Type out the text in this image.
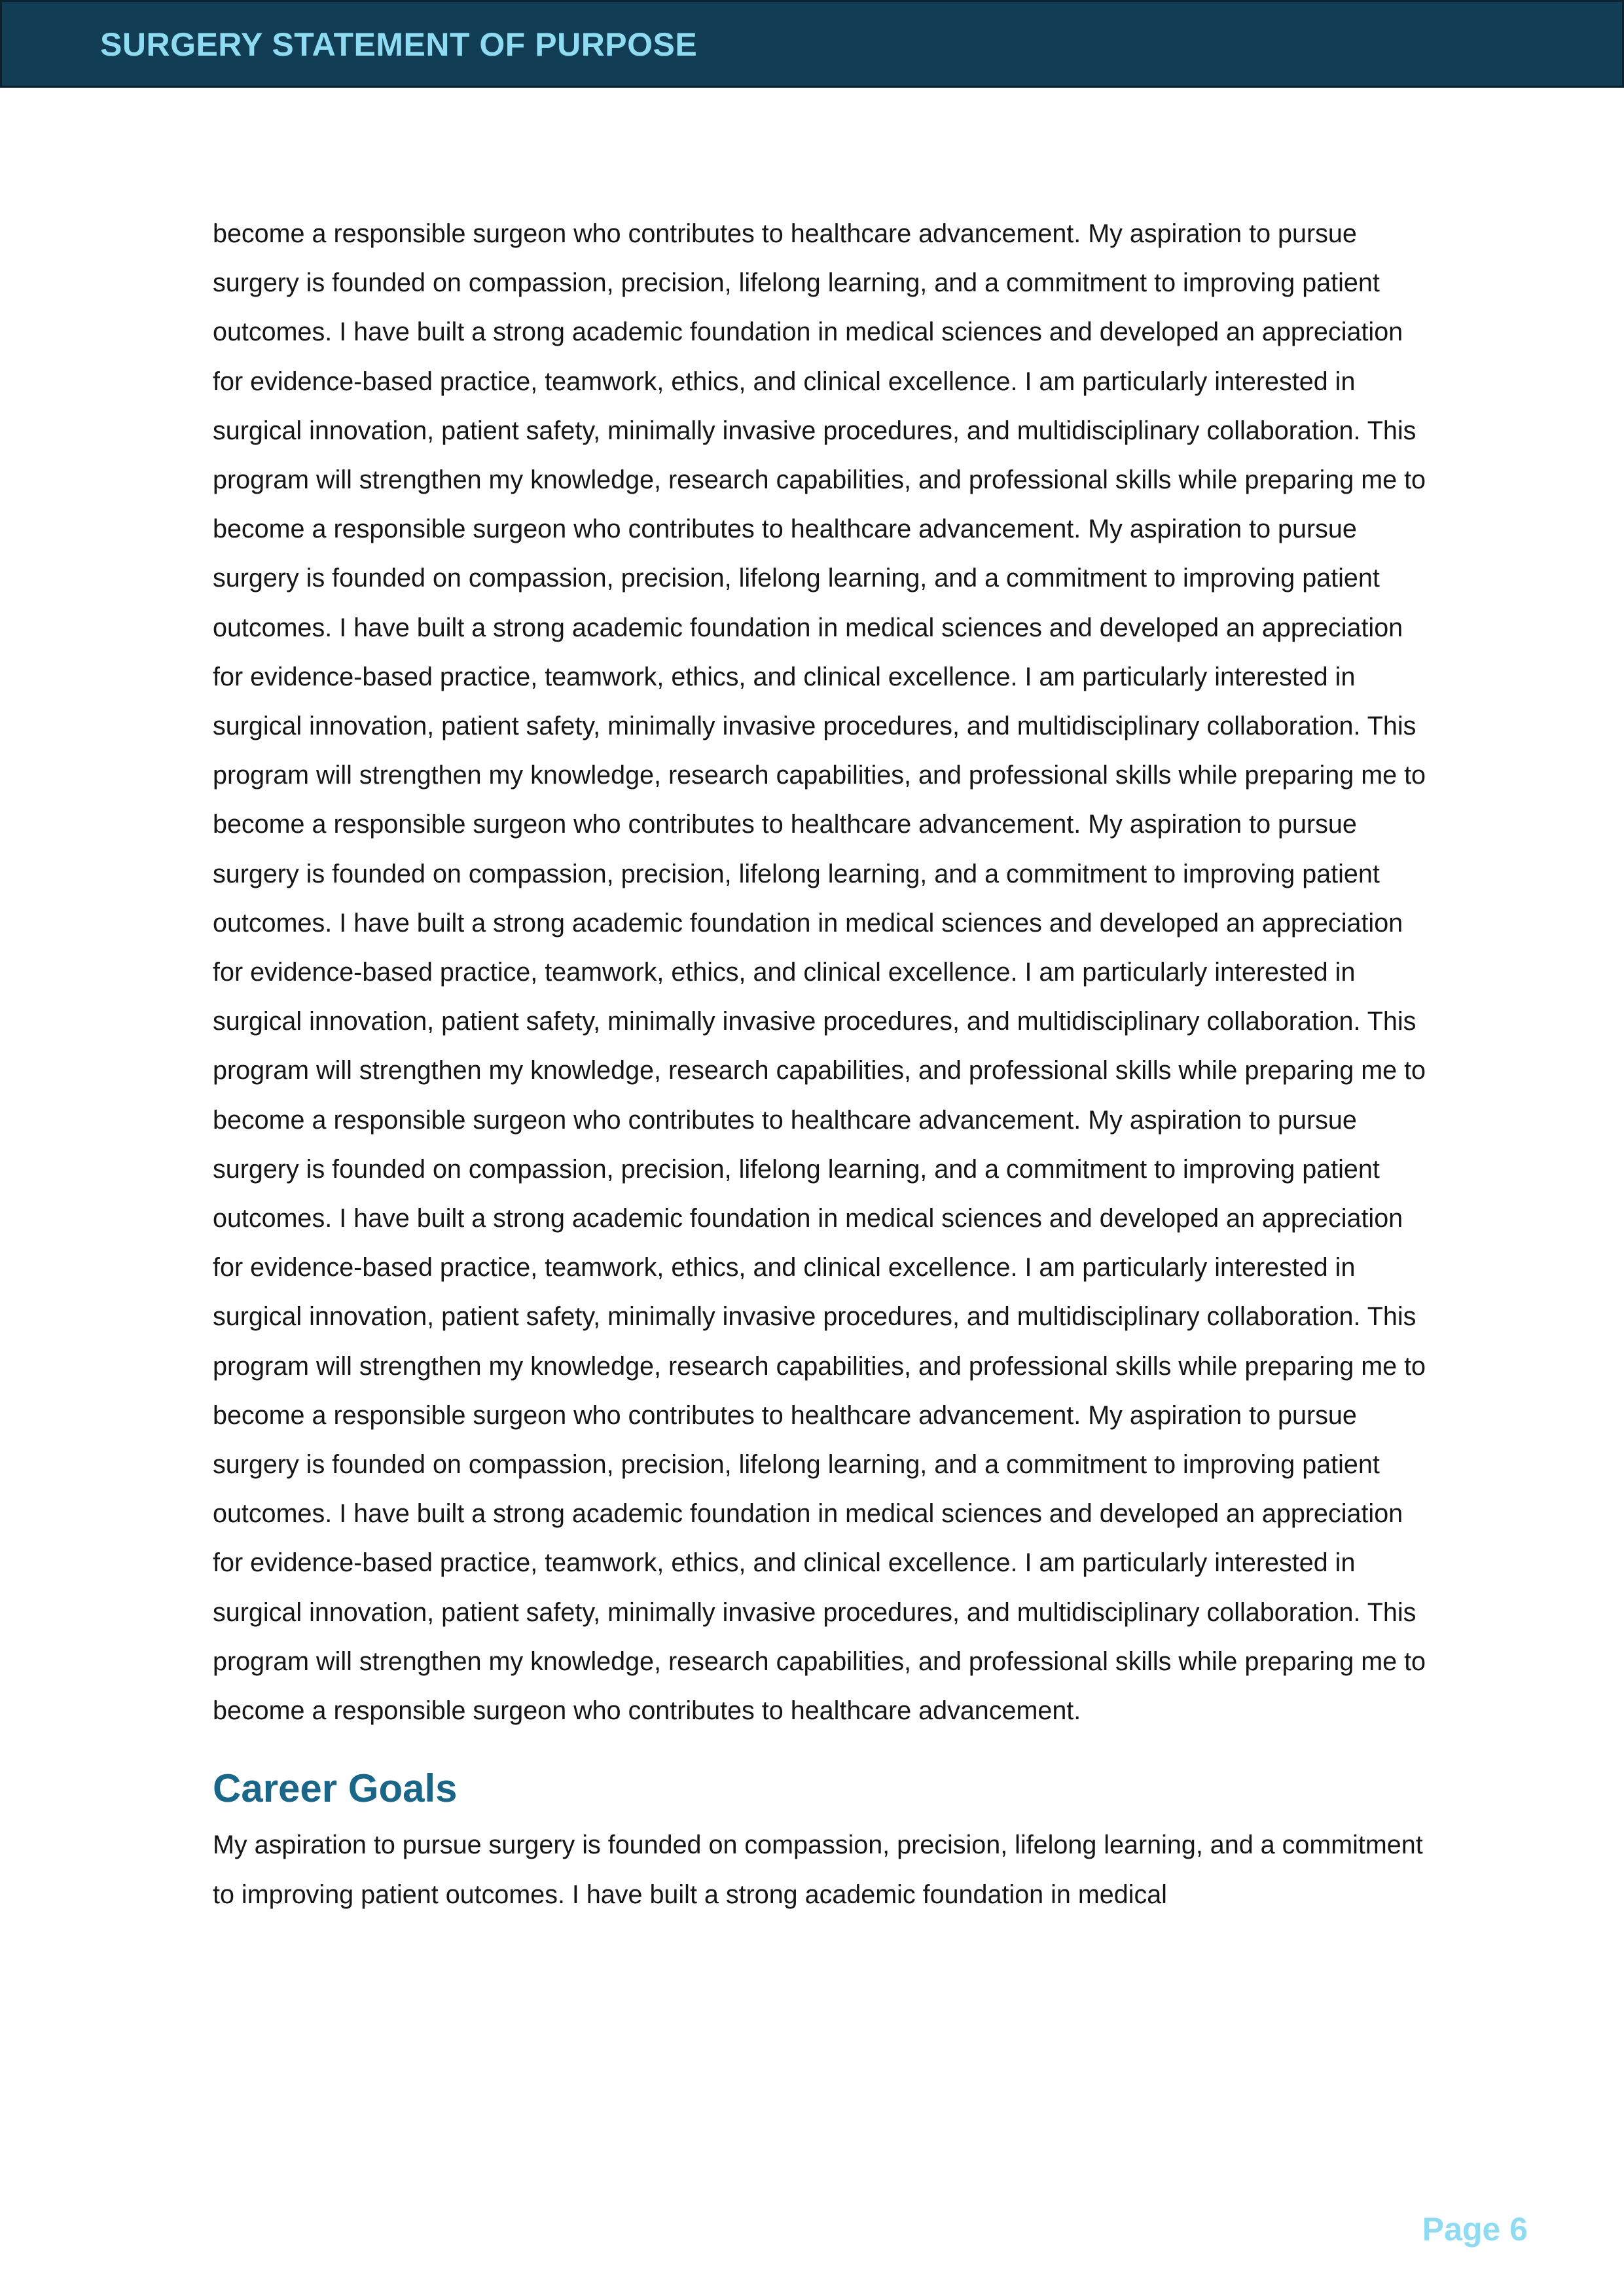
SURGERY STATEMENT OF PURPOSE

become a responsible surgeon who contributes to healthcare advancement. My aspiration to pursue surgery is founded on compassion, precision, lifelong learning, and a commitment to improving patient outcomes. I have built a strong academic foundation in medical sciences and developed an appreciation for evidence-based practice, teamwork, ethics, and clinical excellence. I am particularly interested in surgical innovation, patient safety, minimally invasive procedures, and multidisciplinary collaboration. This program will strengthen my knowledge, research capabilities, and professional skills while preparing me to become a responsible surgeon who contributes to healthcare advancement. My aspiration to pursue surgery is founded on compassion, precision, lifelong learning, and a commitment to improving patient outcomes. I have built a strong academic foundation in medical sciences and developed an appreciation for evidence-based practice, teamwork, ethics, and clinical excellence. I am particularly interested in surgical innovation, patient safety, minimally invasive procedures, and multidisciplinary collaboration. This program will strengthen my knowledge, research capabilities, and professional skills while preparing me to become a responsible surgeon who contributes to healthcare advancement. My aspiration to pursue surgery is founded on compassion, precision, lifelong learning, and a commitment to improving patient outcomes. I have built a strong academic foundation in medical sciences and developed an appreciation for evidence-based practice, teamwork, ethics, and clinical excellence. I am particularly interested in surgical innovation, patient safety, minimally invasive procedures, and multidisciplinary collaboration. This program will strengthen my knowledge, research capabilities, and professional skills while preparing me to become a responsible surgeon who contributes to healthcare advancement. My aspiration to pursue surgery is founded on compassion, precision, lifelong learning, and a commitment to improving patient outcomes. I have built a strong academic foundation in medical sciences and developed an appreciation for evidence-based practice, teamwork, ethics, and clinical excellence. I am particularly interested in surgical innovation, patient safety, minimally invasive procedures, and multidisciplinary collaboration. This program will strengthen my knowledge, research capabilities, and professional skills while preparing me to become a responsible surgeon who contributes to healthcare advancement. My aspiration to pursue surgery is founded on compassion, precision, lifelong learning, and a commitment to improving patient outcomes. I have built a strong academic foundation in medical sciences and developed an appreciation for evidence-based practice, teamwork, ethics, and clinical excellence. I am particularly interested in surgical innovation, patient safety, minimally invasive procedures, and multidisciplinary collaboration. This program will strengthen my knowledge, research capabilities, and professional skills while preparing me to become a responsible surgeon who contributes to healthcare advancement.

Career Goals

My aspiration to pursue surgery is founded on compassion, precision, lifelong learning, and a commitment to improving patient outcomes. I have built a strong academic foundation in medical

Page 6
